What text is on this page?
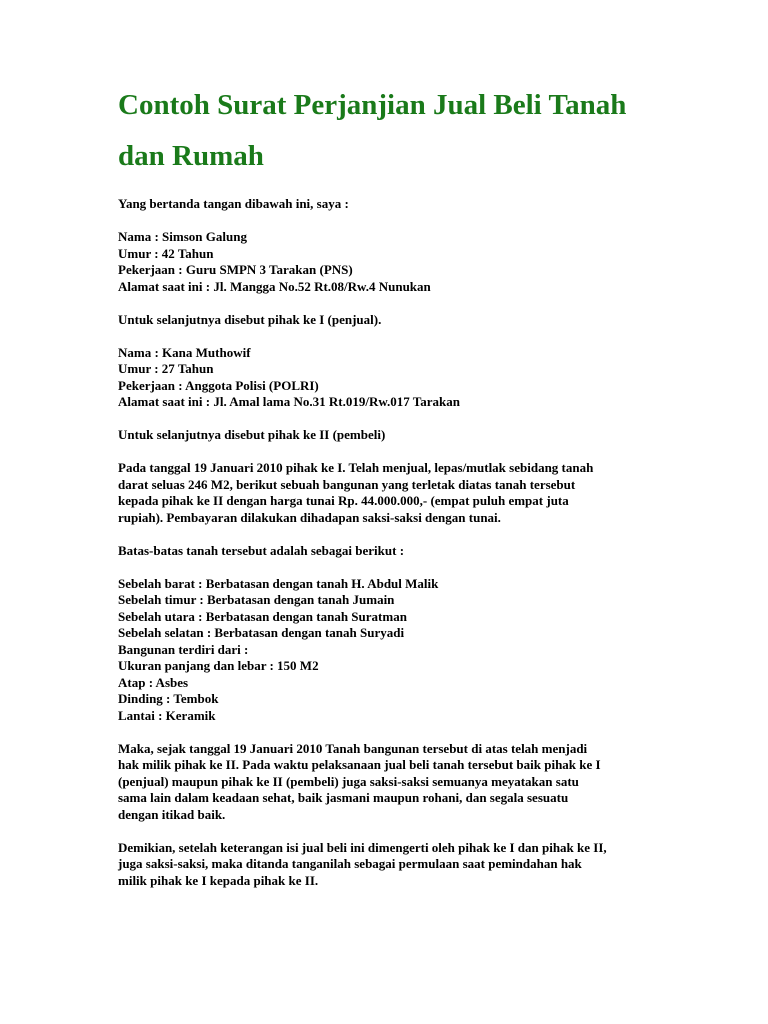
Contoh Surat Perjanjian Jual Beli Tanah
dan Rumah

Yang bertanda tangan dibawah ini, saya :

Nama : Simson Galung
Umur : 42 Tahun
Pekerjaan : Guru SMPN 3 Tarakan (PNS)
Alamat saat ini : Jl. Mangga No.52 Rt.08/Rw.4 Nunukan

Untuk selanjutnya disebut pihak ke I (penjual).

Nama : Kana Muthowif
Umur : 27 Tahun
Pekerjaan : Anggota Polisi (POLRI)
Alamat saat ini : Jl. Amal lama No.31 Rt.019/Rw.017 Tarakan

Untuk selanjutnya disebut pihak ke II (pembeli)

Pada tanggal 19 Januari 2010 pihak ke I. Telah menjual, lepas/mutlak sebidang tanah
darat seluas 246 M2, berikut sebuah bangunan yang terletak diatas tanah tersebut
kepada pihak ke II dengan harga tunai Rp. 44.000.000,- (empat puluh empat juta
rupiah). Pembayaran dilakukan dihadapan saksi-saksi dengan tunai.

Batas-batas tanah tersebut adalah sebagai berikut :

Sebelah barat : Berbatasan dengan tanah H. Abdul Malik
Sebelah timur : Berbatasan dengan tanah Jumain
Sebelah utara : Berbatasan dengan tanah Suratman
Sebelah selatan : Berbatasan dengan tanah Suryadi
Bangunan terdiri dari :
Ukuran panjang dan lebar : 150 M2
Atap : Asbes
Dinding : Tembok
Lantai : Keramik

Maka, sejak tanggal 19 Januari 2010 Tanah bangunan tersebut di atas telah menjadi
hak milik pihak ke II. Pada waktu pelaksanaan jual beli tanah tersebut baik pihak ke I
(penjual) maupun pihak ke II (pembeli) juga saksi-saksi semuanya meyatakan satu
sama lain dalam keadaan sehat, baik jasmani maupun rohani, dan segala sesuatu
dengan itikad baik.

Demikian, setelah keterangan isi jual beli ini dimengerti oleh pihak ke I dan pihak ke II,
juga saksi-saksi, maka ditanda tanganilah sebagai permulaan saat pemindahan hak
milik pihak ke I kepada pihak ke II.
